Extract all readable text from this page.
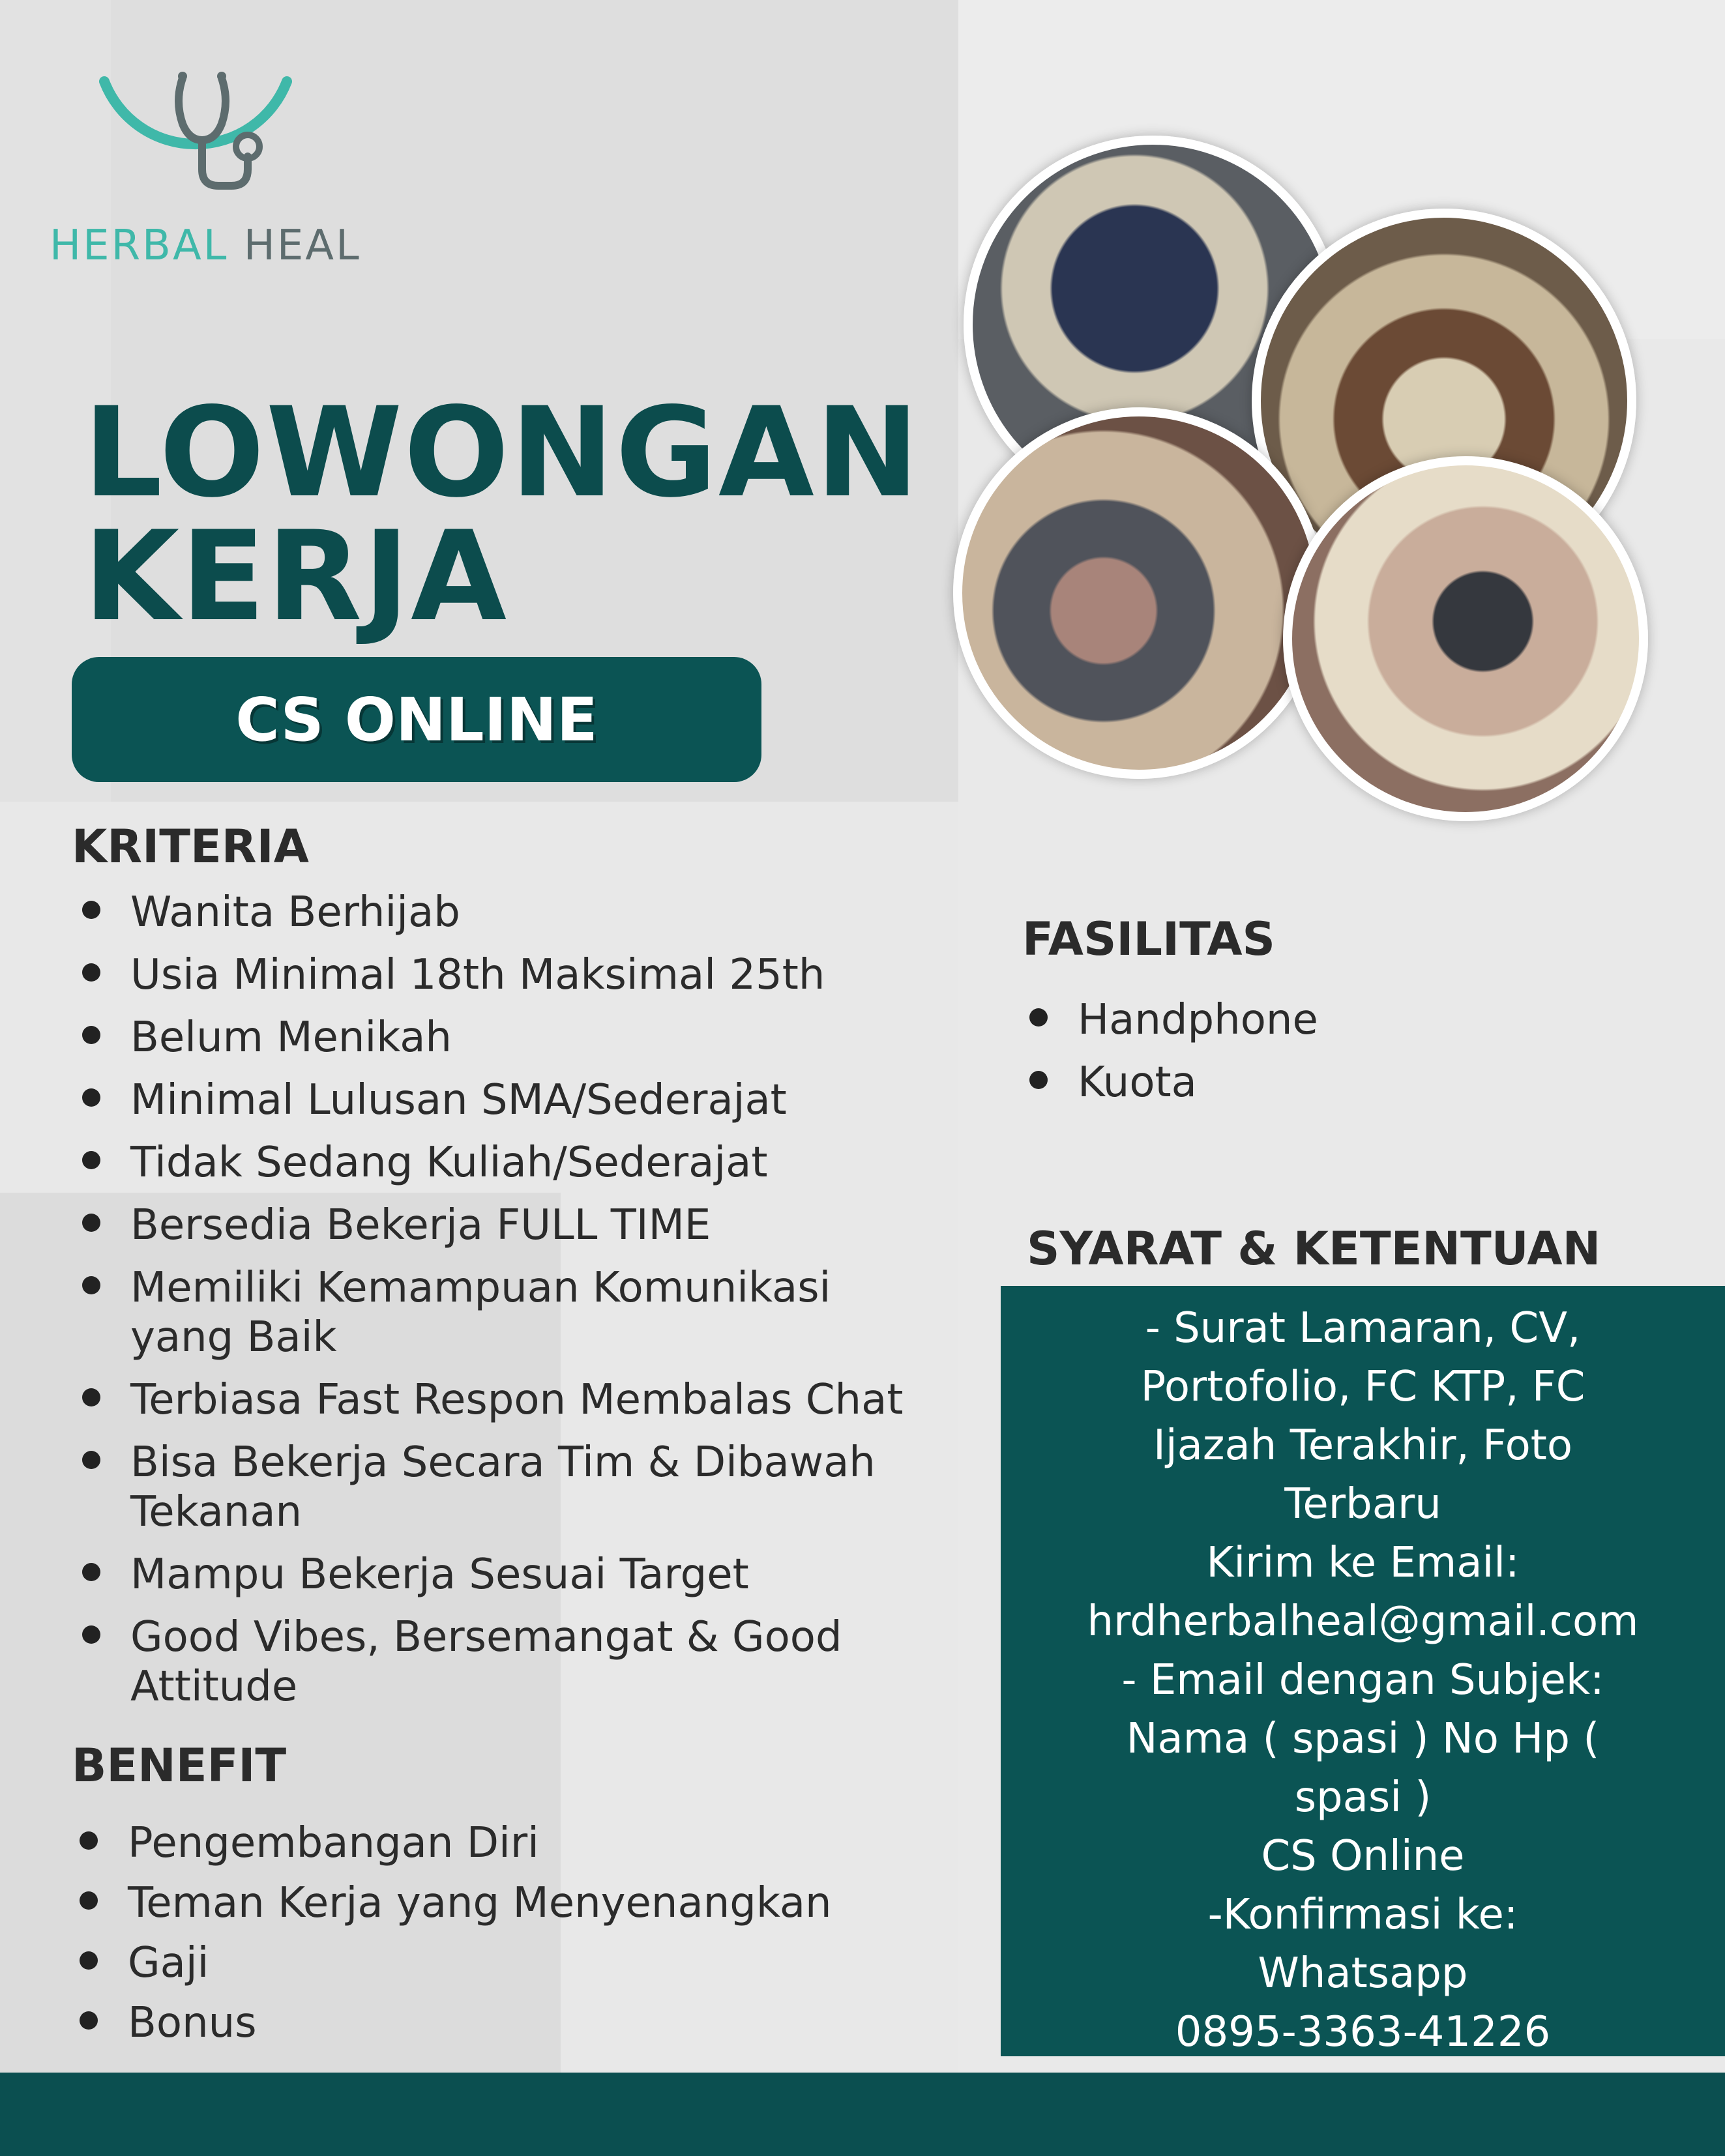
HERBAL HEAL
LOWONGAN
KERJA
CS ONLINE
KRITERIA
Wanita Berhijab
Usia Minimal 18th Maksimal 25th
Belum Menikah
Minimal Lulusan SMA/Sederajat
Tidak Sedang Kuliah/Sederajat
Bersedia Bekerja FULL TIME
Memiliki Kemampuan Komunikasi yang Baik
Terbiasa Fast Respon Membalas Chat
Bisa Bekerja Secara Tim & Dibawah Tekanan
Mampu Bekerja Sesuai Target
Good Vibes, Bersemangat & Good Attitude
BENEFIT
Pengembangan Diri
Teman Kerja yang Menyenangkan
Gaji
Bonus
FASILITAS
Handphone
Kuota
SYARAT & KETENTUAN

- Surat Lamaran, CV,

Portofolio, FC KTP, FC

Ijazah Terakhir, Foto

Terbaru

Kirim ke Email:

hrdherbalheal@gmail.com

- Email dengan Subjek:

Nama ( spasi ) No Hp (

spasi )

CS Online

-Konfirmasi ke:

Whatsapp

0895-3363-41226
